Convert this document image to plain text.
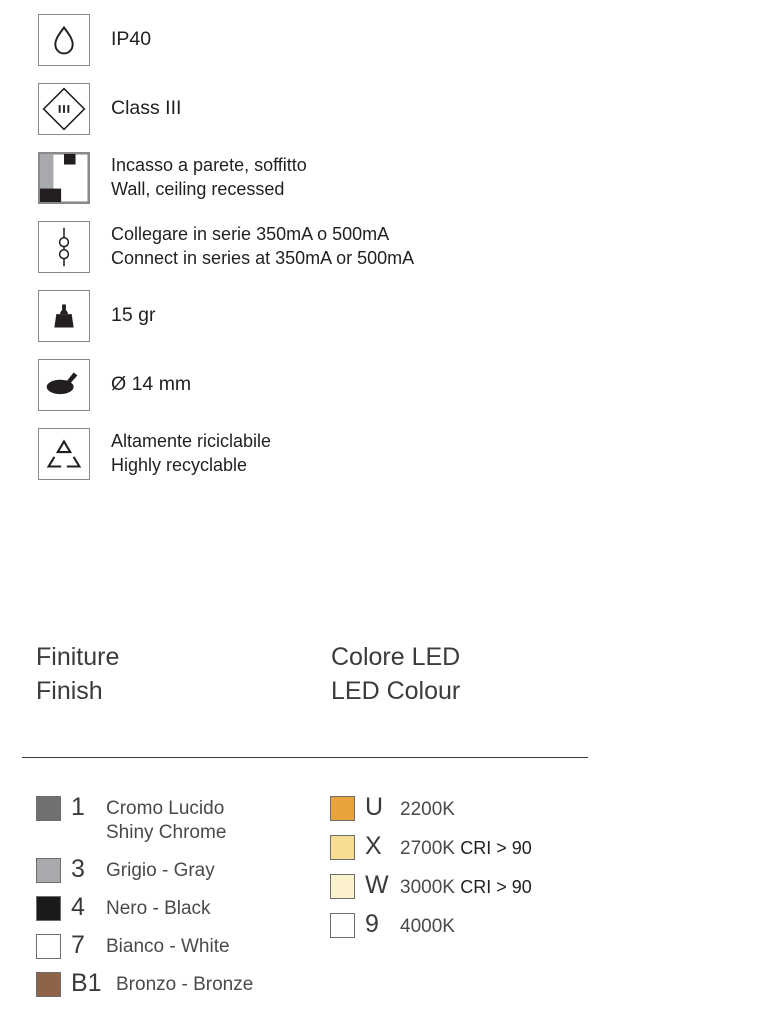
IP40
Class III
Incasso a parete, soffitto
Wall, ceiling recessed
Collegare in serie 350mA o 500mA
Connect in series at 350mA or 500mA
15 gr
Ø 14 mm
Altamente riciclabile
Highly recyclable
Finiture
Finish
Colore LED
LED Colour
1	Cromo Lucido
Shiny Chrome
3	Grigio - Gray
4	Nero - Black
7	Bianco - White
B1 Bronzo - Bronze
U 2200K
X 2700K CRI > 90
W 3000K CRI > 90
9	4000K
